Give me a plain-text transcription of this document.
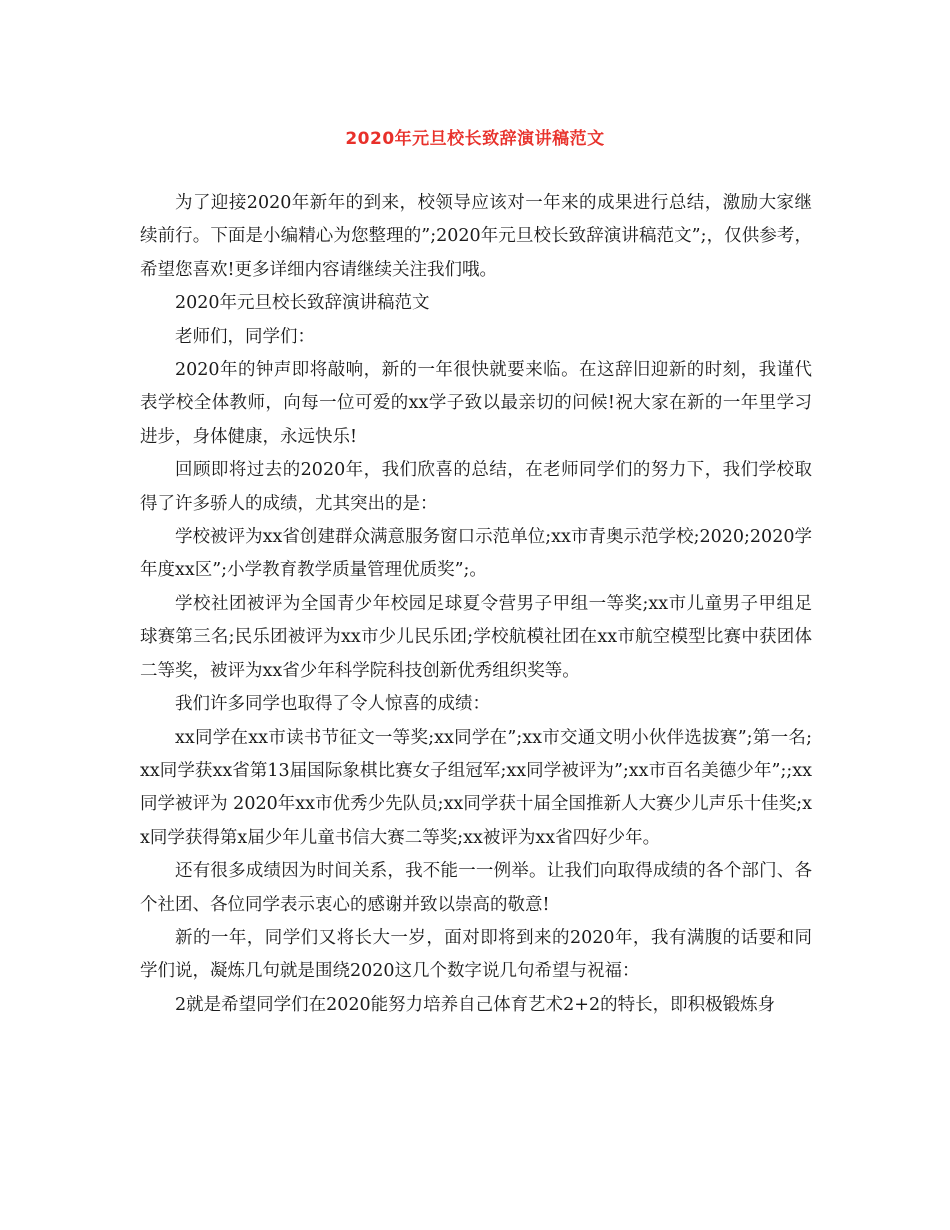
2020年元旦校长致辞演讲稿范文

为了迎接2020年新年的到来，校领导应该对一年来的成果进行总结，激励大家继续前行。下面是小编精心为您整理的”;2020年元旦校长致辞演讲稿范文”;，仅供参考，希望您喜欢!更多详细内容请继续关注我们哦。

2020年元旦校长致辞演讲稿范文

老师们，同学们：

2020年的钟声即将敲响，新的一年很快就要来临。在这辞旧迎新的时刻，我谨代表学校全体教师，向每一位可爱的xx学子致以最亲切的问候!祝大家在新的一年里学习进步，身体健康，永远快乐!

回顾即将过去的2020年，我们欣喜的总结，在老师同学们的努力下，我们学校取得了许多骄人的成绩，尤其突出的是：

学校被评为xx省创建群众满意服务窗口示范单位;xx市青奥示范学校;2020;2020学年度xx区”;小学教育教学质量管理优质奖”;。

学校社团被评为全国青少年校园足球夏令营男子甲组一等奖;xx市儿童男子甲组足球赛第三名;民乐团被评为xx市少儿民乐团;学校航模社团在xx市航空模型比赛中获团体二等奖，被评为xx省少年科学院科技创新优秀组织奖等。

我们许多同学也取得了令人惊喜的成绩：

xx同学在xx市读书节征文一等奖;xx同学在”;xx市交通文明小伙伴选拔赛”;第一名;xx同学获xx省第13届国际象棋比赛女子组冠军;xx同学被评为”;xx市百名美德少年”;;xx同学被评为 2020年xx市优秀少先队员;xx同学获十届全国推新人大赛少儿声乐十佳奖;xx同学获得第x届少年儿童书信大赛二等奖;xx被评为xx省四好少年。

还有很多成绩因为时间关系，我不能一一例举。让我们向取得成绩的各个部门、各个社团、各位同学表示衷心的感谢并致以崇高的敬意!

新的一年，同学们又将长大一岁，面对即将到来的2020年，我有满腹的话要和同学们说，凝炼几句就是围绕2020这几个数字说几句希望与祝福：

2就是希望同学们在2020能努力培养自己体育艺术2+2的特长，即积极锻炼身
